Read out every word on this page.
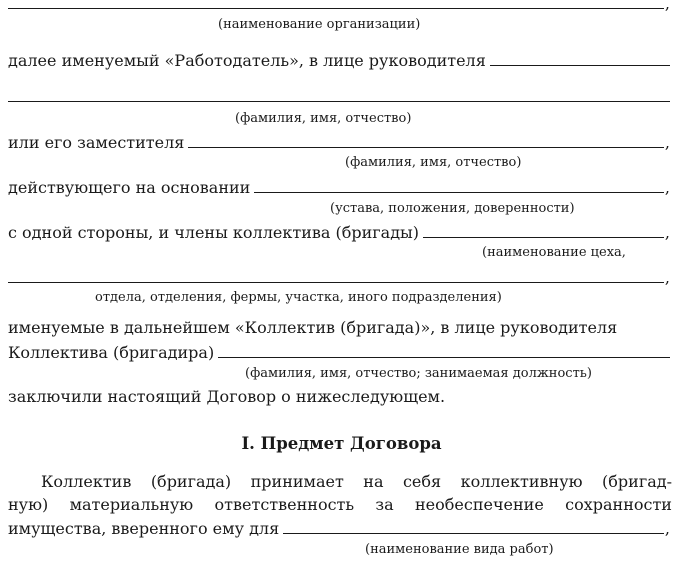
,
(наименование организации)
далее именуемый «Работодатель», в лице руководителя
(фамилия, имя, отчество)
или его заместителя	,
(фамилия, имя, отчество)
действующего на основании	,
(устава, положения, доверенности)
с одной стороны, и члены коллектива (бригады)	,
(наименование цеха,
,
отдела, отделения, фермы, участка, иного подразделения)
именуемые в дальнейшем «Коллектив (бригада)», в лице руководителя
Коллектива (бригадира)
(фамилия, имя, отчество; занимаемая должность)
заключили настоящий Договор о нижеследующем.
I. Предмет Договора
Коллектив (бригада) принимает на себя коллективную (бригад-
ную) материальную ответственность за необеспечение сохранности
имущества, вверенного ему для	,
(наименование вида работ)
